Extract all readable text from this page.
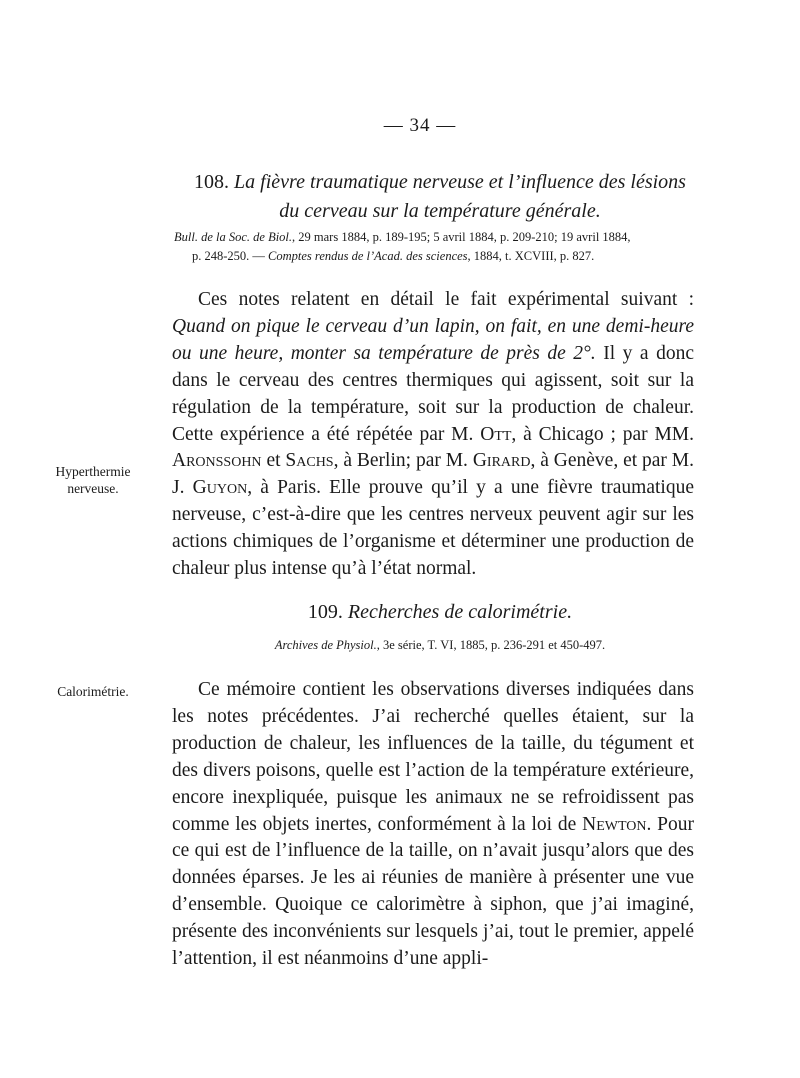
— 34 —
108. La fièvre traumatique nerveuse et l’influence des lésions
du cerveau sur la température générale.
Bull. de la Soc. de Biol., 29 mars 1884, p. 189-195; 5 avril 1884, p. 209-210; 19 avril 1884,
p. 248-250. — Comptes rendus de l’Acad. des sciences, 1884, t. XCVIII, p. 827.

Ces notes relatent en détail le fait expérimental suivant : Quand on pique le cerveau d’un lapin, on fait, en une demi-heure ou une heure, monter sa température de près de 2°. Il y a donc dans le cerveau des centres thermiques qui agissent, soit sur la régulation de la température, soit sur la production de chaleur. Cette expérience a été répétée par M. Ott, à Chicago ; par MM. Aronssohn et Sachs, à Berlin; par M. Girard, à Genève, et par M. J. Guyon, à Paris. Elle prouve qu’il y a une fièvre traumatique nerveuse, c’est-à-dire que les centres nerveux peuvent agir sur les actions chimiques de l’organisme et déterminer une production de chaleur plus intense qu’à l’état normal.

Hyperthermie
nerveuse.
109. Recherches de calorimétrie.
Archives de Physiol., 3e série, T. VI, 1885, p. 236-291 et 450-497.

Ce mémoire contient les observations diverses indiquées dans les notes précédentes. J’ai recherché quelles étaient, sur la production de chaleur, les influences de la taille, du tégument et des divers poisons, quelle est l’action de la température extérieure, encore inexpliquée, puisque les animaux ne se refroidissent pas comme les objets inertes, conformément à la loi de Newton. Pour ce qui est de l’influence de la taille, on n’avait jusqu’alors que des données éparses. Je les ai réunies de manière à présenter une vue d’ensemble. Quoique ce calorimètre à siphon, que j’ai imaginé, présente des inconvénients sur lesquels j’ai, tout le premier, appelé l’attention, il est néanmoins d’une appli-

Calorimétrie.
